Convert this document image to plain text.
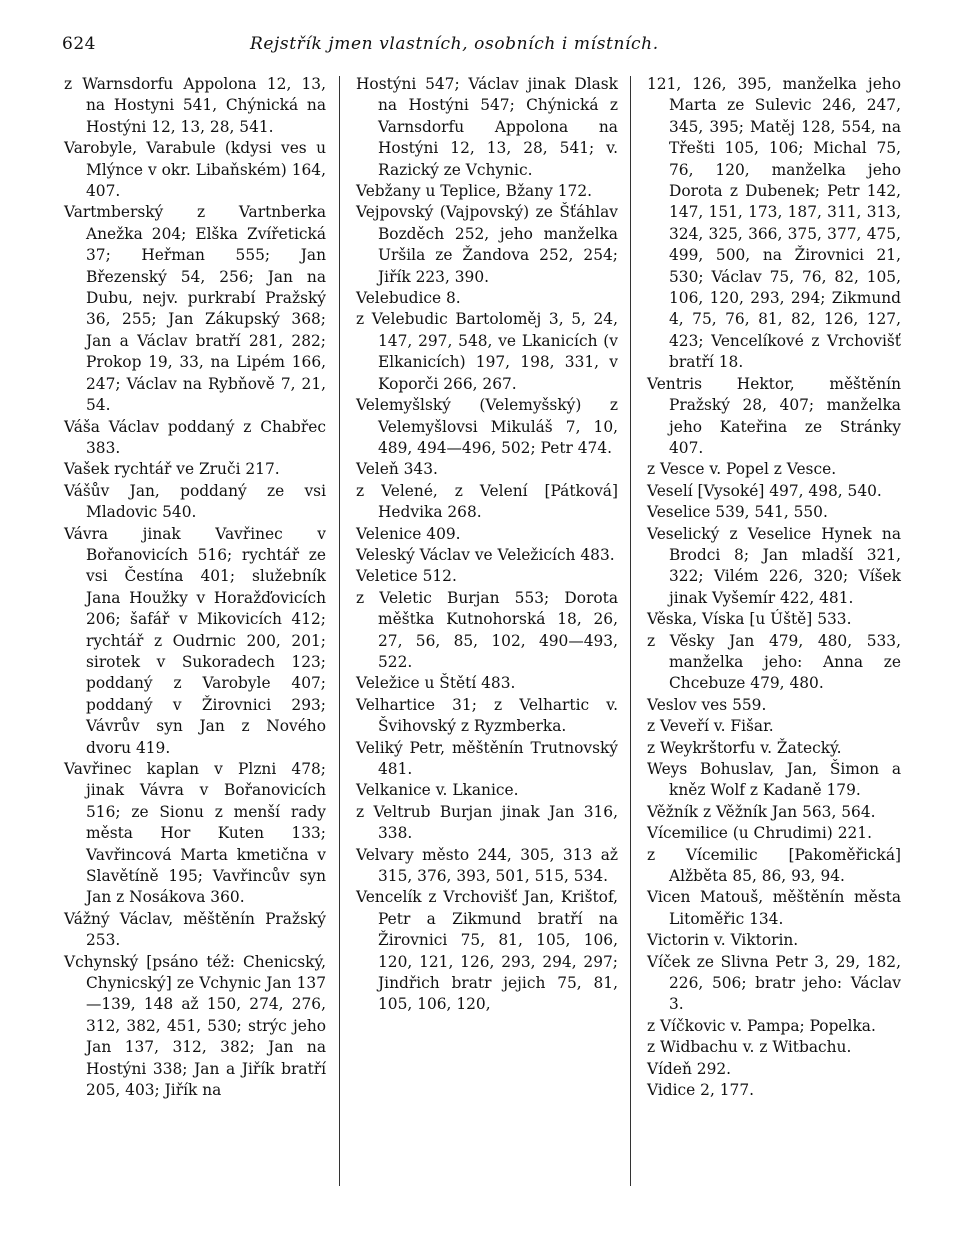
624	Rejstřík jmen vlastních, osobních i místních.

z Warnsdorfu Appolona 12, 13, na Hostyni 541, Chýnická na Hostýni 12, 13, 28, 541.

Varobyle, Varabule (kdysi ves u Mlýnce v okr. Libaňském) 164, 407.

Vartmberský z Vartnberka Anežka 204; Elška Zvířetická 37; Heřman 555; Jan Březenský 54, 256; Jan na Dubu, nejv. purkrabí Pražský 36, 255; Jan Zákupský 368; Jan a Václav bratří 281, 282; Prokop 19, 33, na Lipém 166, 247; Václav na Rybňově 7, 21, 54.

Váša Václav poddaný z Chabřec 383.

Vašek rychtář ve Zruči 217.

Vášův Jan, poddaný ze vsi Mladovic 540.

Vávra jinak Vavřinec v Bořanovicích 516; rychtář ze vsi Čestína 401; služebník Jana Houžky v Horažďovicích 206; šafář v Mikovicích 412; rychtář z Oudrnic 200, 201; sirotek v Sukoradech 123; poddaný z Varobyle 407; poddaný v Žirovnici 293; Vávrův syn Jan z Nového dvoru 419.

Vavřinec kaplan v Plzni 478; jinak Vávra v Bořanovicích 516; ze Sionu z menší rady města Hor Kuten 133; Vavřincová Marta kmetična v Slavětíně 195; Vavřincův syn Jan z Nosákova 360.

Vážný Václav, měštěnín Pražský 253.

Vchynský [psáno též: Chenicský, Chynicský] ze Vchynic Jan 137—139, 148 až 150, 274, 276, 312, 382, 451, 530; strýc jeho Jan 137, 312, 382; Jan na Hostýni 338; Jan a Jiřík bratří 205, 403; Jiřík na

Hostýni 547; Václav jinak Dlask na Hostýni 547; Chýnická z Varnsdorfu Appolona na Hostýni 12, 13, 28, 541; v. Razický ze Vchynic.

Vebžany u Teplice, Bžany 172.

Vejpovský (Vajpovský) ze Šťáhlav Bozděch 252, jeho manželka Uršila ze Žandova 252, 254; Jiřík 223, 390.

Velebudice 8.

z Velebudic Bartoloměj 3, 5, 24, 147, 297, 548, ve Lkanicích (v Elkanicích) 197, 198, 331, v Koporči 266, 267.

Velemyšlský (Velemyšský) z Velemyšlovsi Mikuláš 7, 10, 489, 494—496, 502; Petr 474.

Veleň 343.

z Velené, z Velení [Pátková] Hedvika 268.

Velenice 409.

Veleský Václav ve Veležicích 483.

Veletice 512.

z Veletic Burjan 553; Dorota měštka Kutnohorská 18, 26, 27, 56, 85, 102, 490—493, 522.

Veležice u Štětí 483.

Velhartice 31; z Velhartic v. Švihovský z Ryzmberka.

Veliký Petr, měštěnín Trutnovský 481.

Velkanice v. Lkanice.

z Veltrub Burjan jinak Jan 316, 338.

Velvary město 244, 305, 313 až 315, 376, 393, 501, 515, 534.

Vencelík z Vrchovišť Jan, Krištof, Petr a Zikmund bratří na Žirovnici 75, 81, 105, 106, 120, 121, 126, 293, 294, 297; Jindřich bratr jejich 75, 81, 105, 106, 120,

121, 126, 395, manželka jeho Marta ze Sulevic 246, 247, 345, 395; Matěj 128, 554, na Třešti 105, 106; Michal 75, 76, 120, manželka jeho Dorota z Dubenek; Petr 142, 147, 151, 173, 187, 311, 313, 324, 325, 366, 375, 377, 475, 499, 500, na Žirovnici 21, 530; Václav 75, 76, 82, 105, 106, 120, 293, 294; Zikmund 4, 75, 76, 81, 82, 126, 127, 423; Vencelíkové z Vrchovišť bratří 18.

Ventris Hektor, měštěnín Pražský 28, 407; manželka jeho Kateřina ze Stránky 407.

z Vesce v. Popel z Vesce.

Veselí [Vysoké] 497, 498, 540.

Veselice 539, 541, 550.

Veselický z Veselice Hynek na Brodci 8; Jan mladší 321, 322; Vilém 226, 320; Víšek jinak Vyšemír 422, 481.

Věska, Víska [u Úště] 533.

z Věsky Jan 479, 480, 533, manželka jeho: Anna ze Chcebuze 479, 480.

Veslov ves 559.

z Veveří v. Fišar.

z Weykrštorfu v. Žatecký.

Weys Bohuslav, Jan, Šimon a kněz Wolf z Kadaně 179.

Věžník z Věžník Jan 563, 564.

Vícemilice (u Chrudimi) 221.

z Vícemilic [Pakoměřická] Alžběta 85, 86, 93, 94.

Vicen Matouš, měštěnín města Litoměřic 134.

Victorin v. Viktorin.

Víček ze Slivna Petr 3, 29, 182, 226, 506; bratr jeho: Václav 3.

z Víčkovic v. Pampa; Popelka.

z Widbachu v. z Witbachu.

Vídeň 292.

Vidice 2, 177.
